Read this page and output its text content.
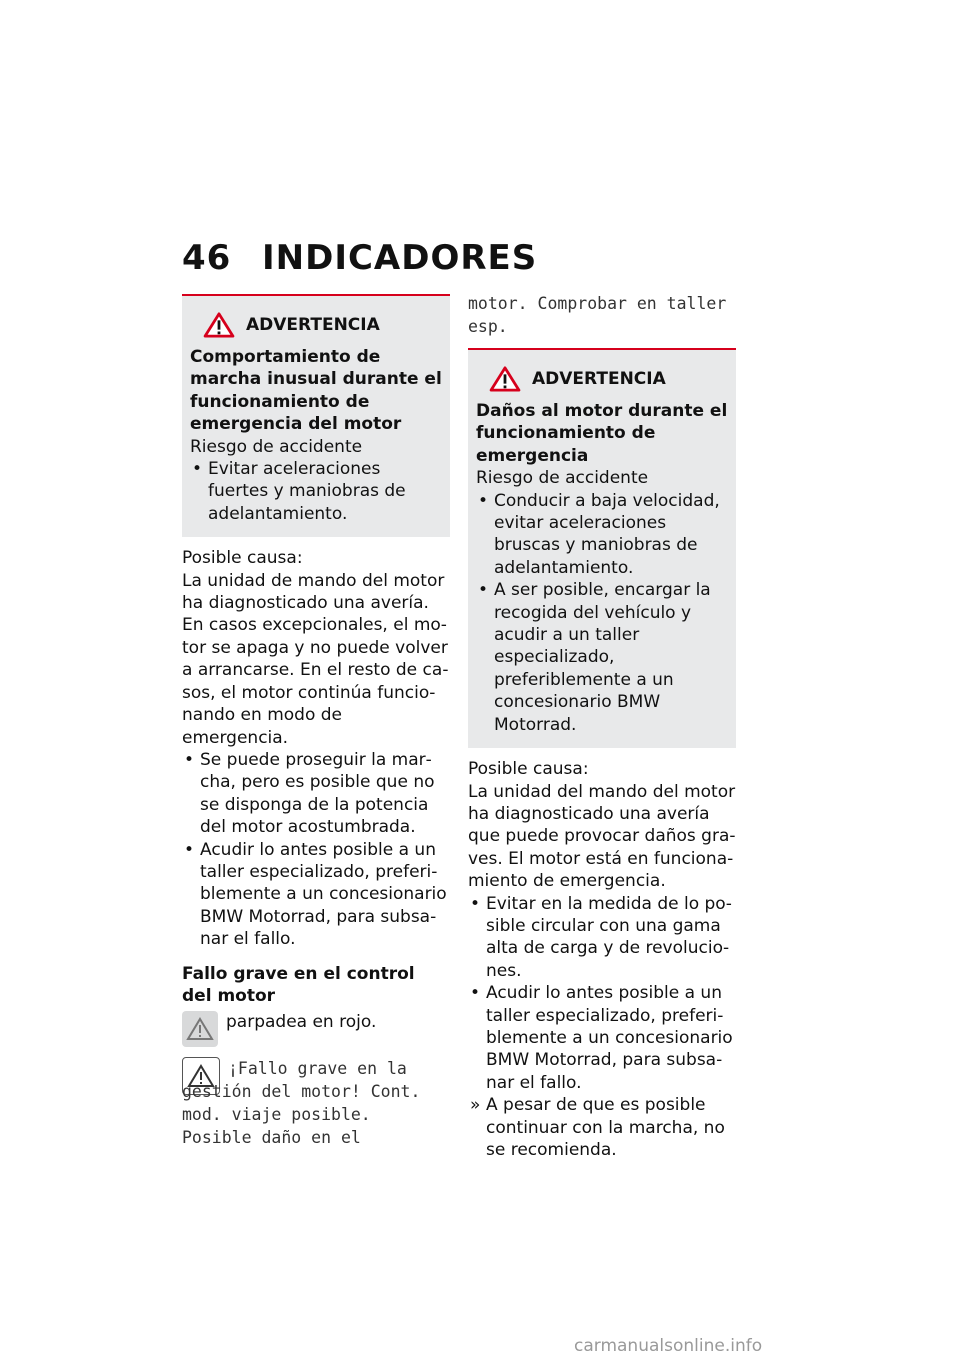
46 INDICADORES
ADVERTENCIA

Comportamiento de marcha inusual durante el funcionamiento de emergencia del motor

Riesgo de accidente

• Evitar aceleraciones fuertes y maniobras de adelantamiento.

Posible causa:

La unidad de mando del motor ha diagnosticado una avería. En casos excepcionales, el motor se apaga y no puede volver a arrancarse. En el resto de casos, el motor continúa funcionando en modo de emergencia.

• Se puede proseguir la marcha, pero es posible que no se disponga de la potencia del motor acostumbrada.
• Acudir lo antes posible a un taller especializado, preferiblemente a un concesionario BMW Motorrad, para subsanar el fallo.

Fallo grave en el control del motor

parpadea en rojo.

¡Fallo grave en la gestión del motor! Cont. mod. viaje posible. Posible daño en el

motor. Comprobar en taller esp.

ADVERTENCIA

Daños al motor durante el funcionamiento de emergencia

Riesgo de accidente

• Conducir a baja velocidad, evitar aceleraciones bruscas y maniobras de adelantamiento.
• A ser posible, encargar la recogida del vehículo y acudir a un taller especializado, preferiblemente a un concesionario BMW Motorrad.

Posible causa:

La unidad del mando del motor ha diagnosticado una avería que puede provocar daños graves. El motor está en funcionamiento de emergencia.

• Evitar en la medida de lo posible circular con una gama alta de carga y de revoluciones.
• Acudir lo antes posible a un taller especializado, preferiblemente a un concesionario BMW Motorrad, para subsanar el fallo.
» A pesar de que es posible continuar con la marcha, no se recomienda.
carmanualsonline.info
